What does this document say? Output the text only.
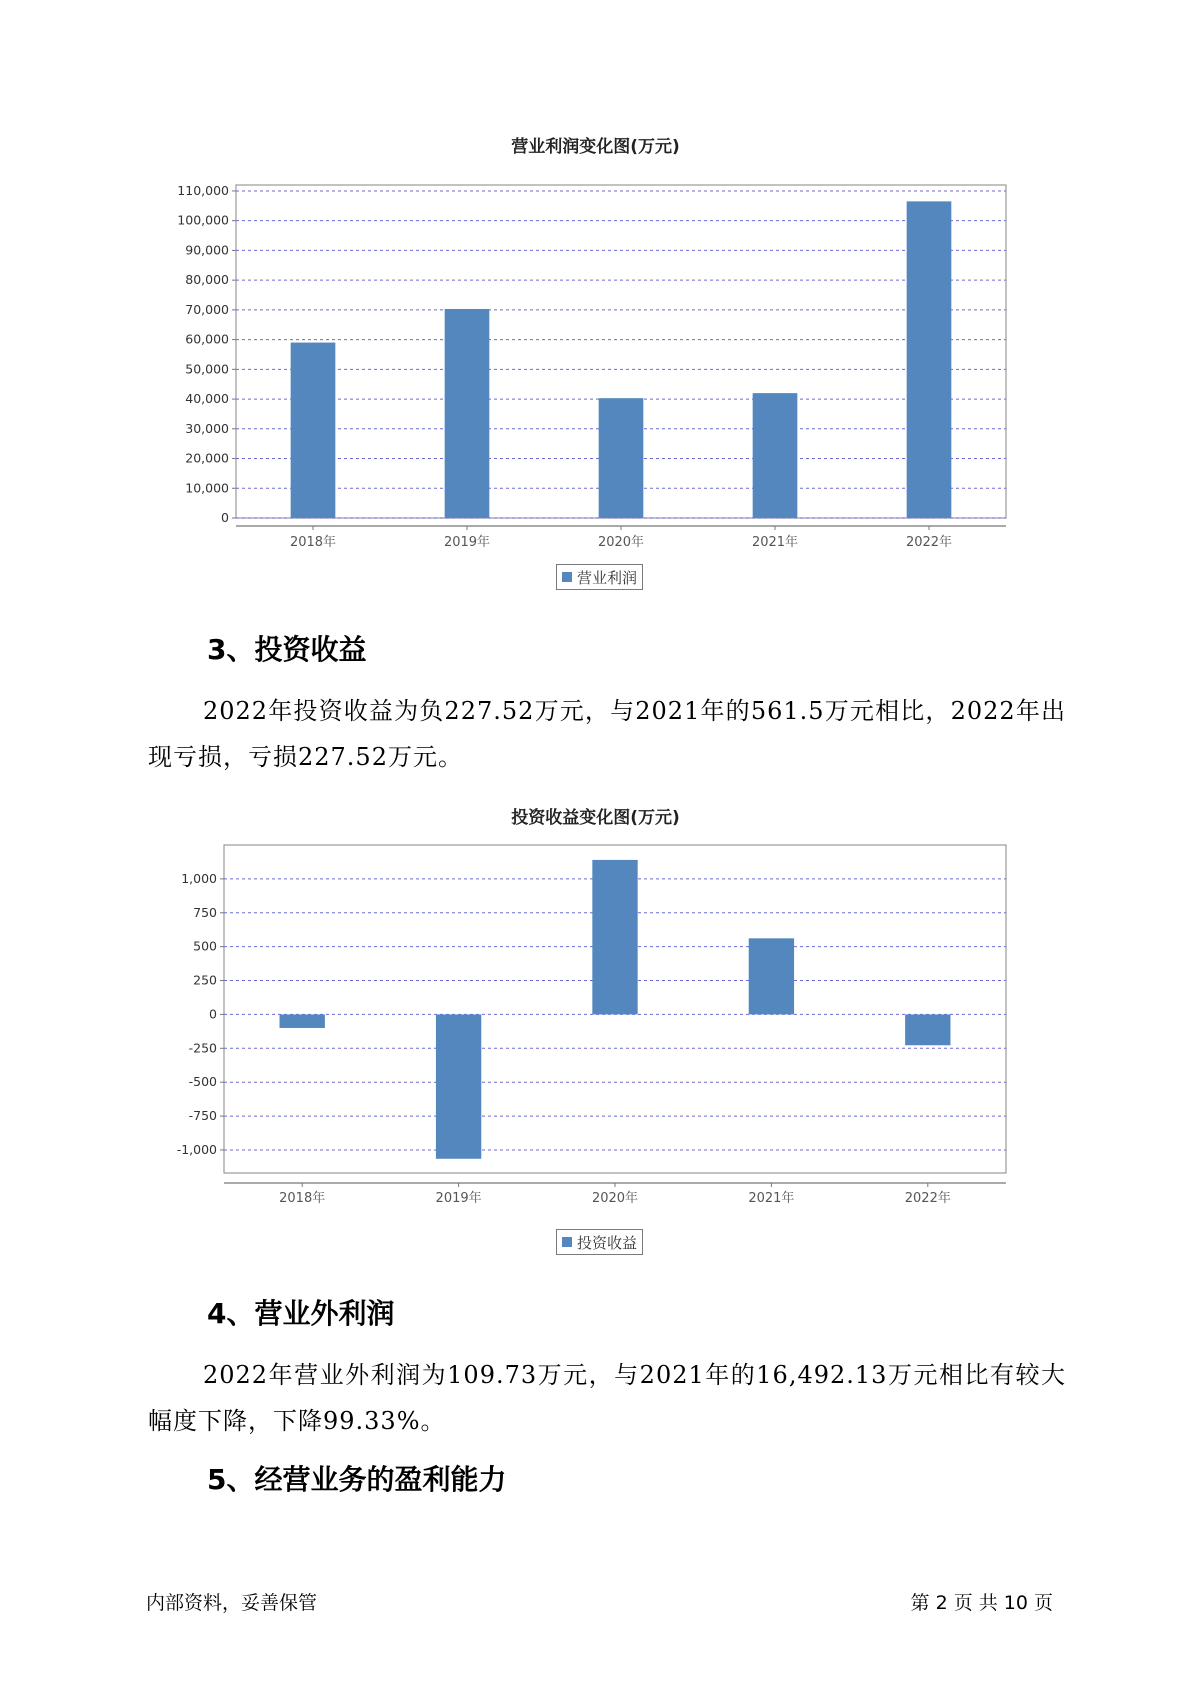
营业利润变化图(万元)
0
10,000
20,000
30,000
40,000
50,000
60,000
70,000
80,000
90,000
100,000
110,000
2018年	2019年	2020年	2021年	2022年
营业利润
3、投资收益

2022年投资收益为负227.52万元，与2021年的561.5万元相比，2022年出现亏损，亏损227.52万元。

投资收益变化图(万元)
-1,000
-750
-500
-250
0
250
500
750
1,000
2018年	2019年	2020年	2021年	2022年
投资收益
4、营业外利润

2022年营业外利润为109.73万元，与2021年的16,492.13万元相比有较大幅度下降，下降99.33%。

5、经营业务的盈利能力
内部资料，妥善保管	第 2 页 共 10 页
